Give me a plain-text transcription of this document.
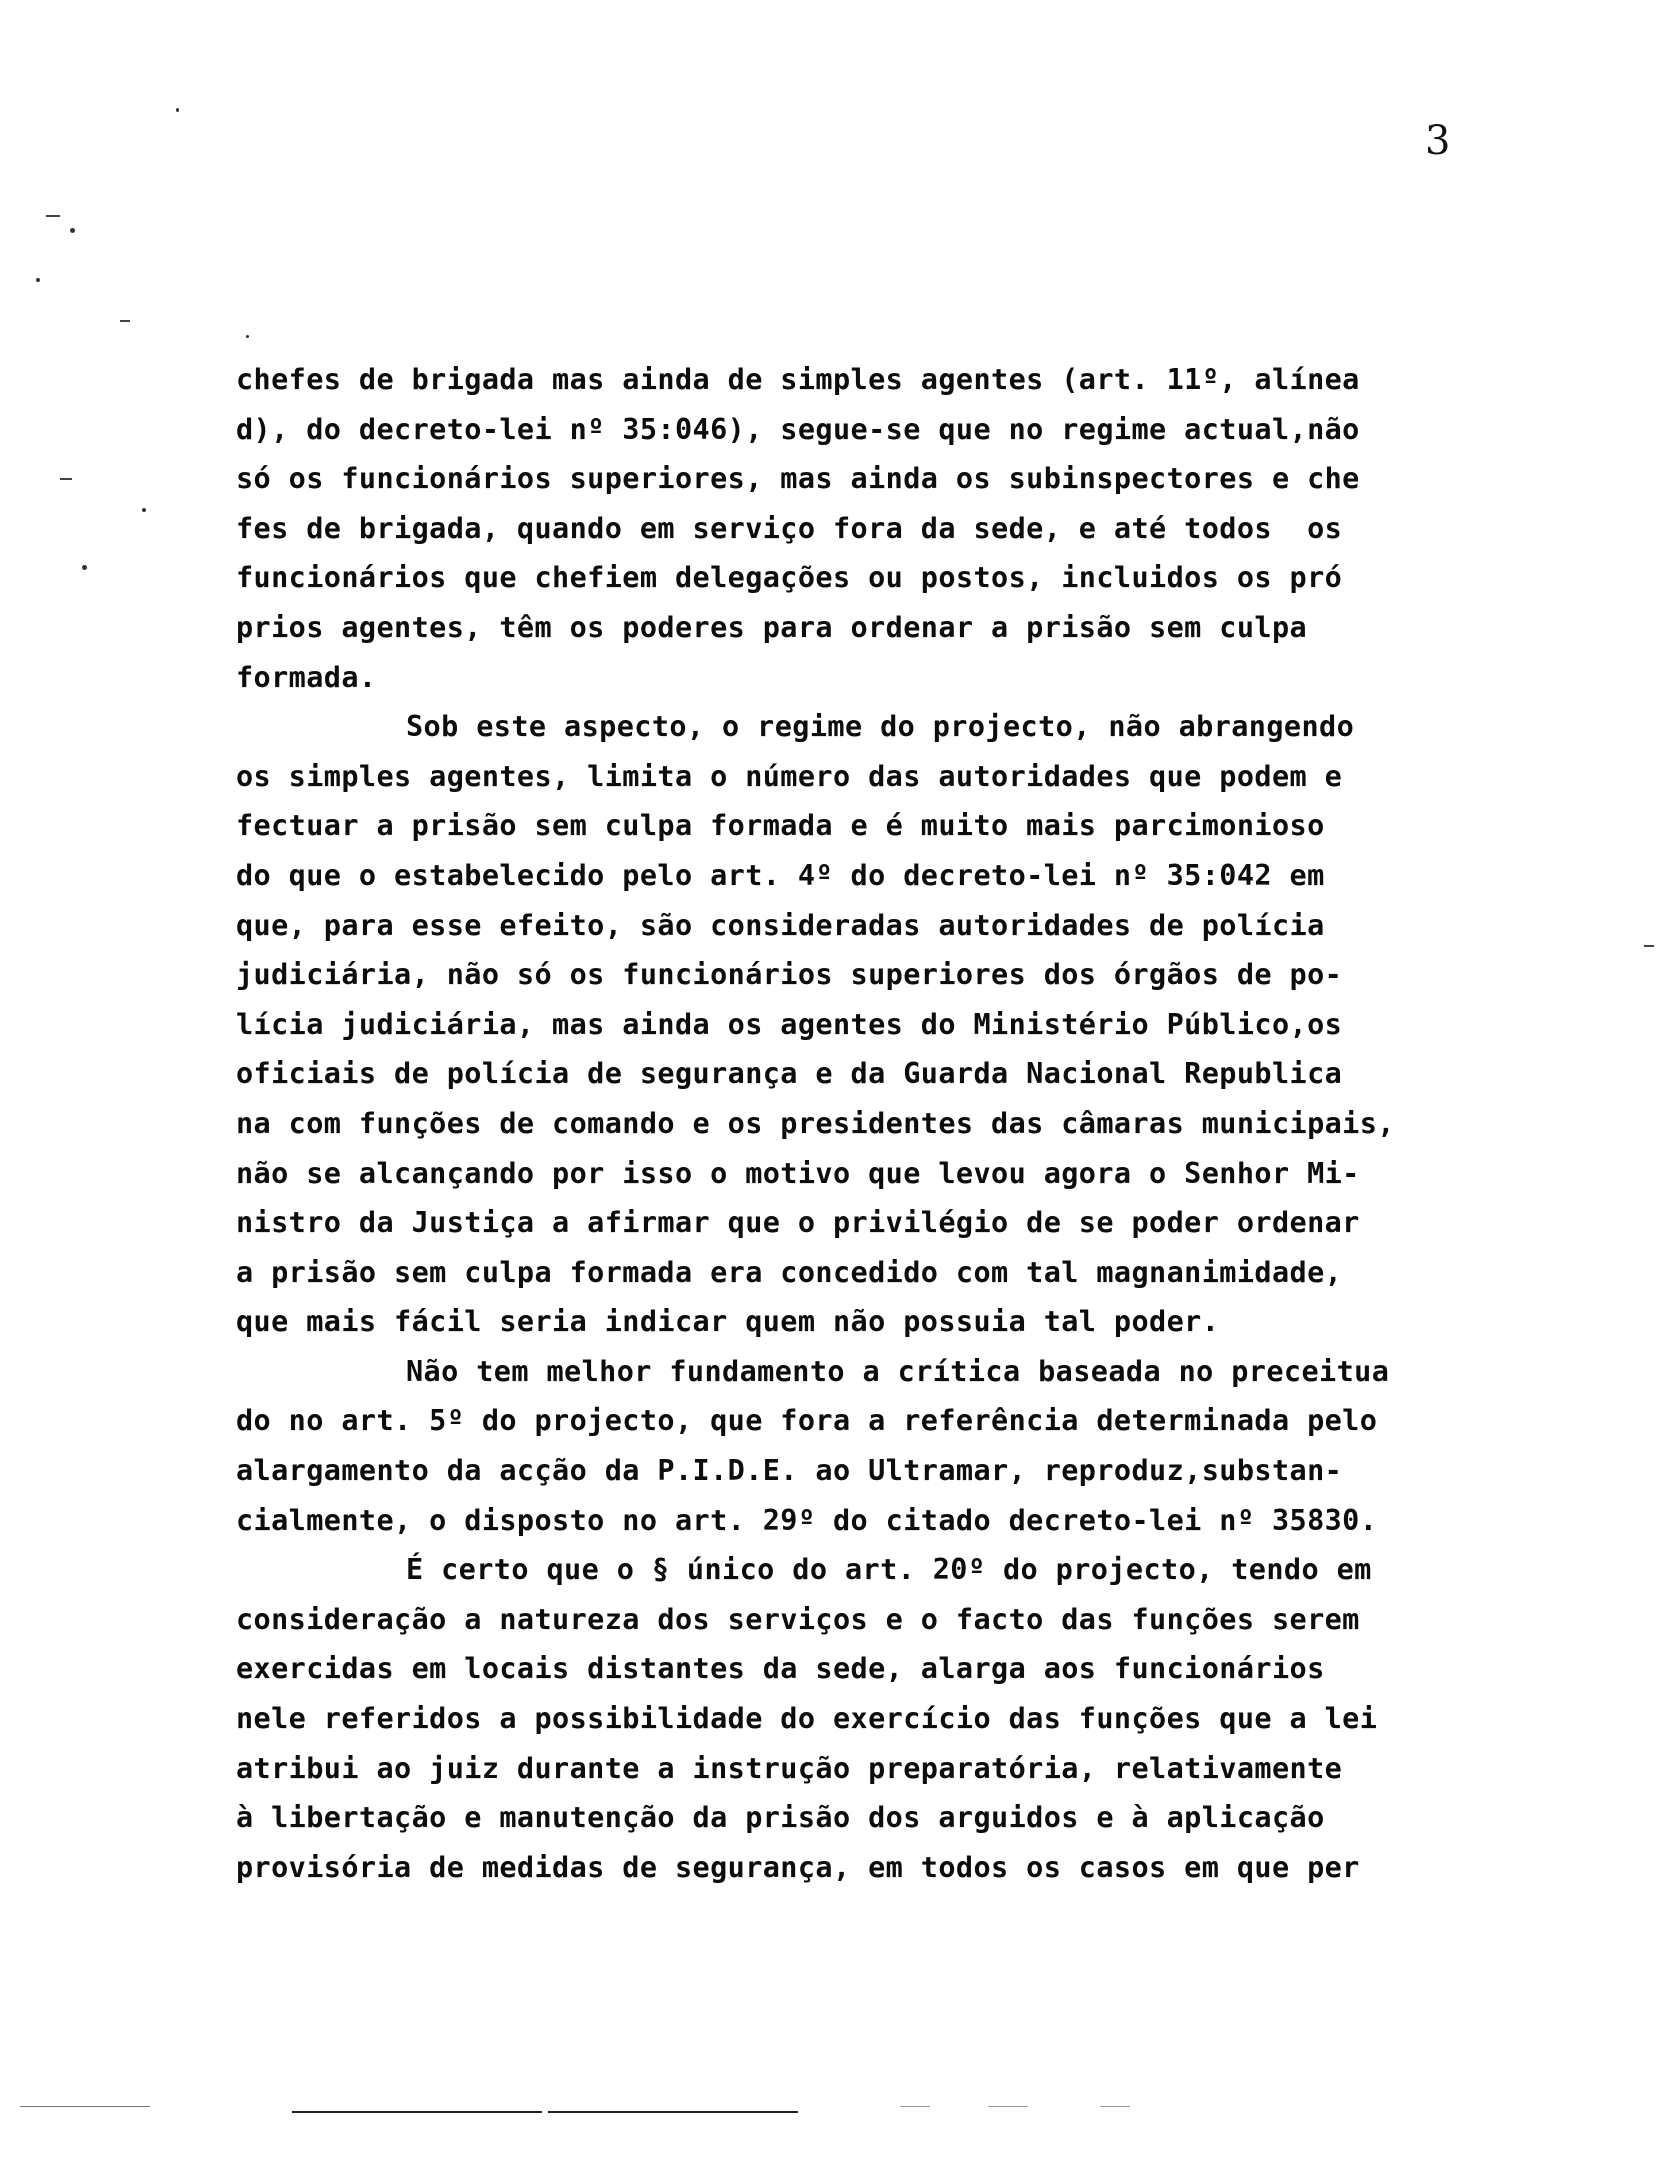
3
chefes de brigada mas ainda de simples agentes (art. 11º, alínea
d), do decreto-lei nº 35:046), segue-se que no regime actual,não
só os funcionários superiores, mas ainda os subinspectores e che
fes de brigada, quando em serviço fora da sede, e até todos  os
funcionários que chefiem delegações ou postos, incluidos os pró
prios agentes, têm os poderes para ordenar a prisão sem culpa
formada.
Sob este aspecto, o regime do projecto, não abrangendo
os simples agentes, limita o número das autoridades que podem e
fectuar a prisão sem culpa formada e é muito mais parcimonioso
do que o estabelecido pelo art. 4º do decreto-lei nº 35:042 em
que, para esse efeito, são consideradas autoridades de polícia
judiciária, não só os funcionários superiores dos órgãos de po-
lícia judiciária, mas ainda os agentes do Ministério Público,os
oficiais de polícia de segurança e da Guarda Nacional Republica
na com funções de comando e os presidentes das câmaras municipais,
não se alcançando por isso o motivo que levou agora o Senhor Mi-
nistro da Justiça a afirmar que o privilégio de se poder ordenar
a prisão sem culpa formada era concedido com tal magnanimidade,
que mais fácil seria indicar quem não possuia tal poder.
Não tem melhor fundamento a crítica baseada no preceitua
do no art. 5º do projecto, que fora a referência determinada pelo
alargamento da acção da P.I.D.E. ao Ultramar, reproduz,substan-
cialmente, o disposto no art. 29º do citado decreto-lei nº 35830.
É certo que o § único do art. 20º do projecto, tendo em
consideração a natureza dos serviços e o facto das funções serem
exercidas em locais distantes da sede, alarga aos funcionários
nele referidos a possibilidade do exercício das funções que a lei
atribui ao juiz durante a instrução preparatória, relativamente
à libertação e manutenção da prisão dos arguidos e à aplicação
provisória de medidas de segurança, em todos os casos em que per
